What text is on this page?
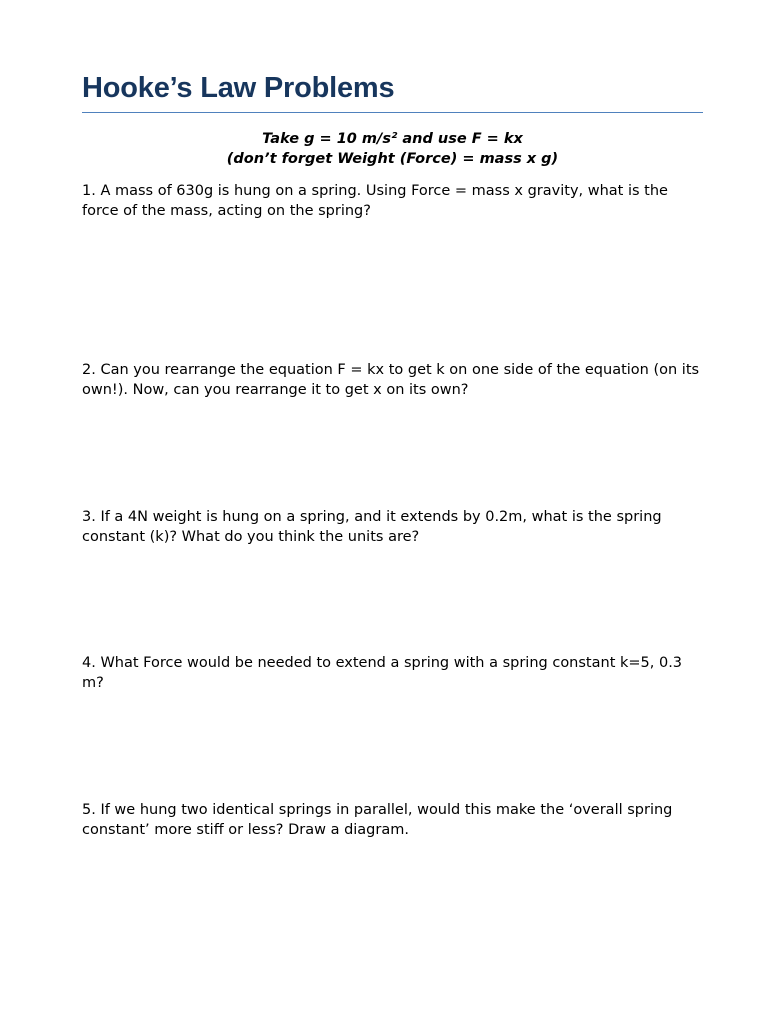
Hooke’s Law Problems
Take g = 10 m/s² and use F = kx
(don’t forget Weight (Force) = mass x g)

1. A mass of 630g is hung on a spring. Using Force = mass x gravity, what is the force of the mass, acting on the spring?

2. Can you rearrange the equation F = kx to get k on one side of the equation (on its own!). Now, can you rearrange it to get x on its own?

3. If a 4N weight is hung on a spring, and it extends by 0.2m, what is the spring constant (k)? What do you think the units are?

4. What Force would be needed to extend a spring with a spring constant k=5, 0.3 m?

5. If we hung two identical springs in parallel, would this make the ‘overall spring constant’ more stiff or less? Draw a diagram.
